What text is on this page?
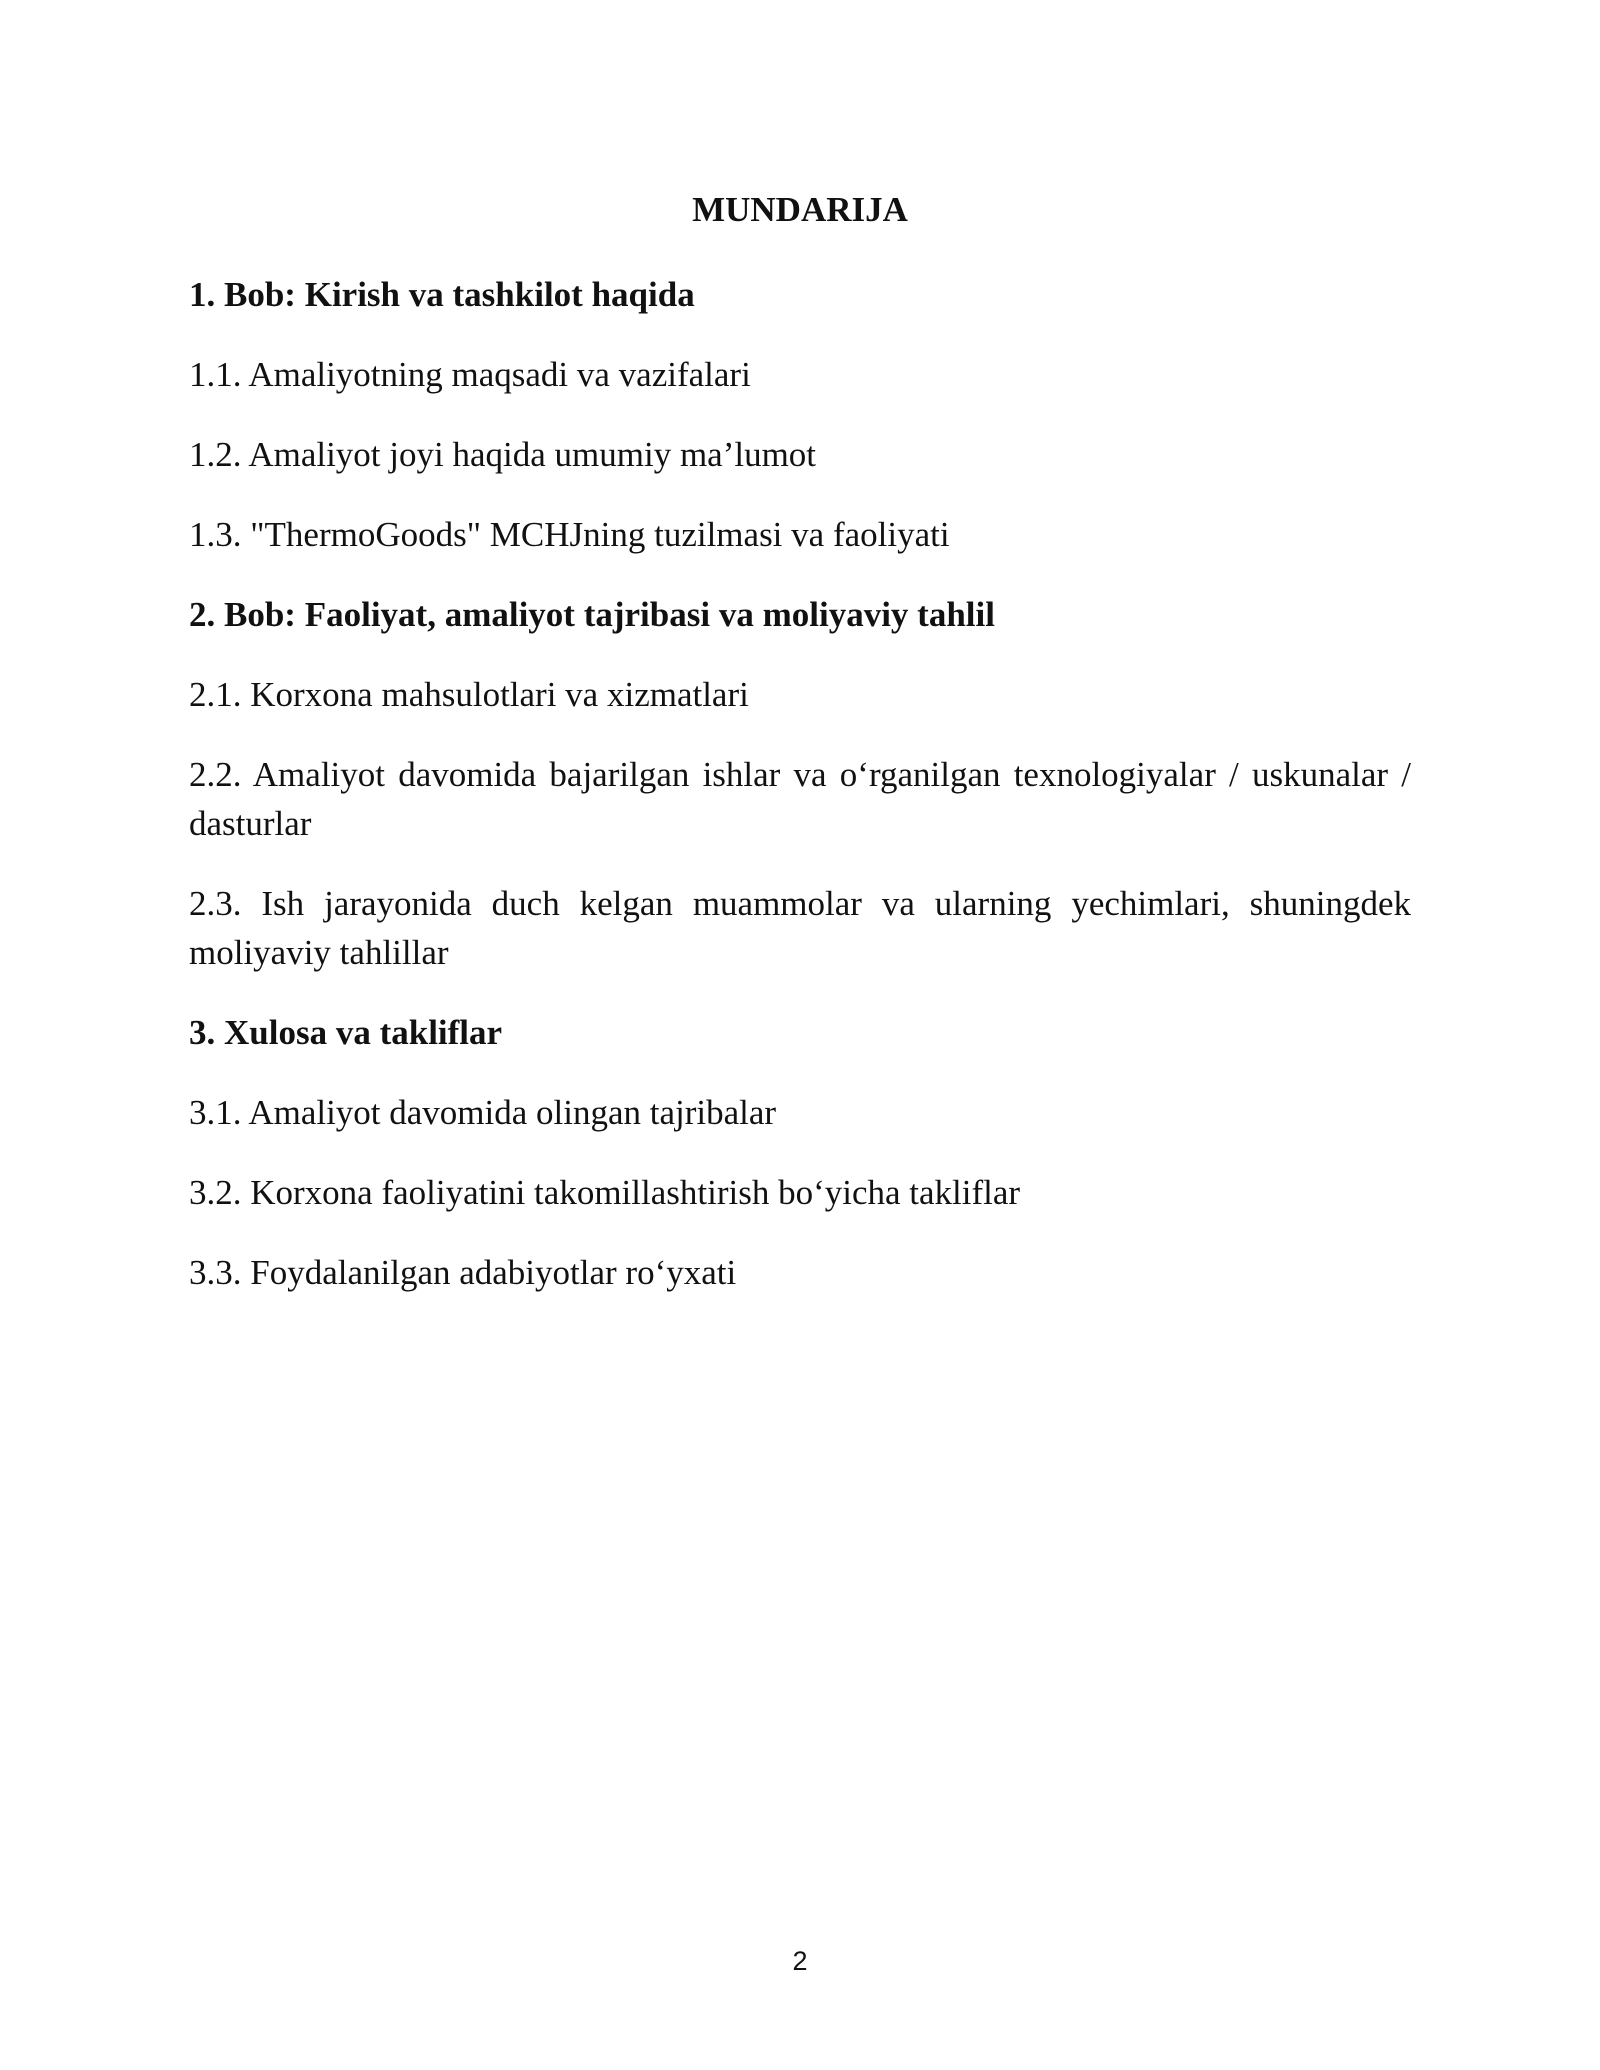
MUNDARIJA
1. Bob: Kirish va tashkilot haqida
1.1. Amaliyotning maqsadi va vazifalari
1.2. Amaliyot joyi haqida umumiy ma’lumot
1.3. "ThermoGoods" MCHJning tuzilmasi va faoliyati
2. Bob: Faoliyat, amaliyot tajribasi va moliyaviy tahlil
2.1. Korxona mahsulotlari va xizmatlari
2.2. Amaliyot davomida bajarilgan ishlar va o‘rganilgan texnologiyalar / uskunalar / dasturlar
2.3. Ish jarayonida duch kelgan muammolar va ularning yechimlari, shuningdek moliyaviy tahlillar
3. Xulosa va takliflar
3.1. Amaliyot davomida olingan tajribalar
3.2. Korxona faoliyatini takomillashtirish bo‘yicha takliflar
3.3. Foydalanilgan adabiyotlar ro‘yxati
2
